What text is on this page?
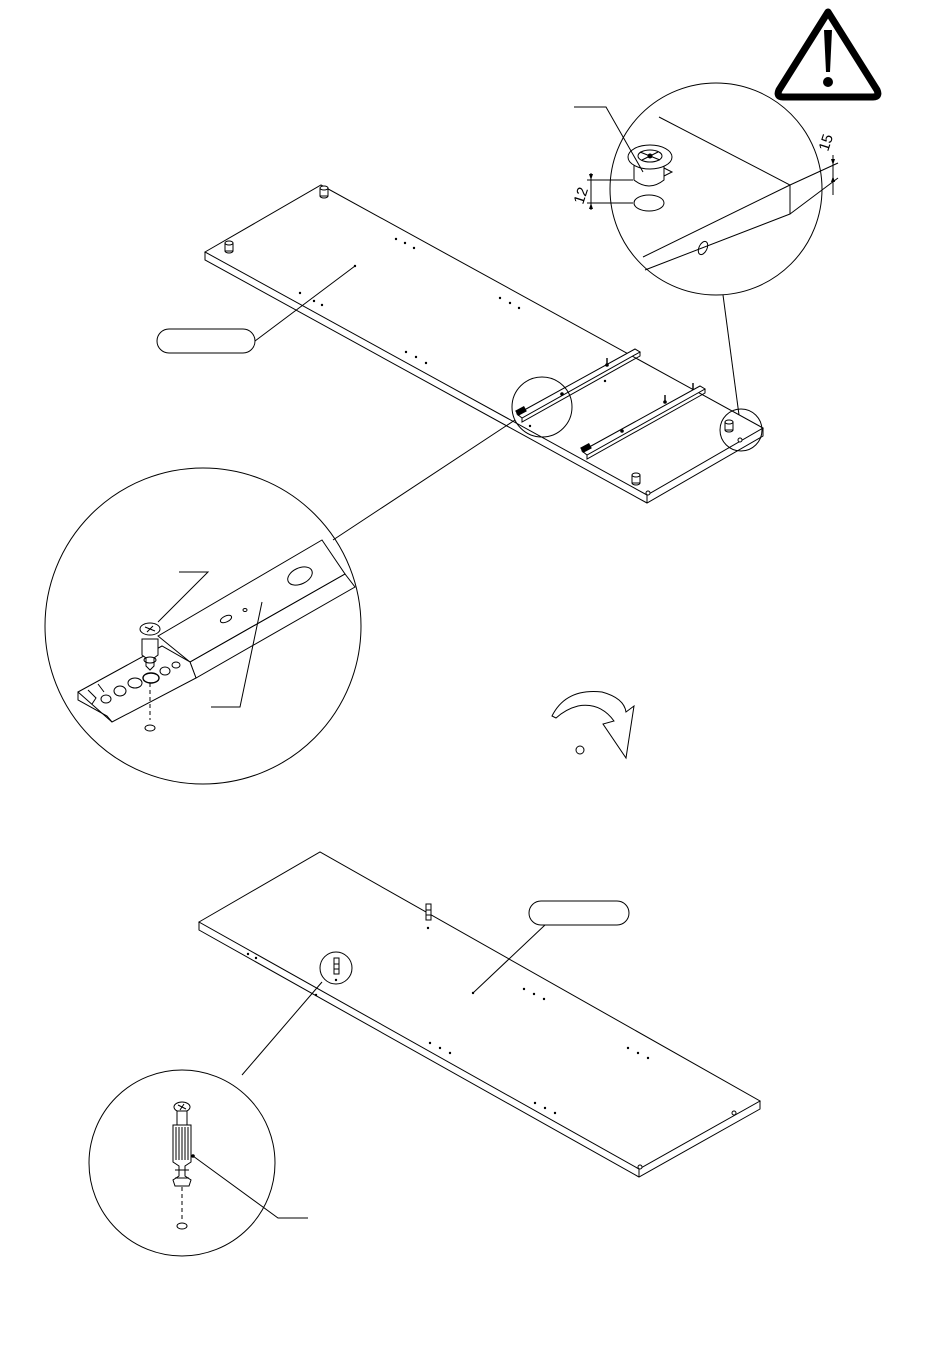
12
15
